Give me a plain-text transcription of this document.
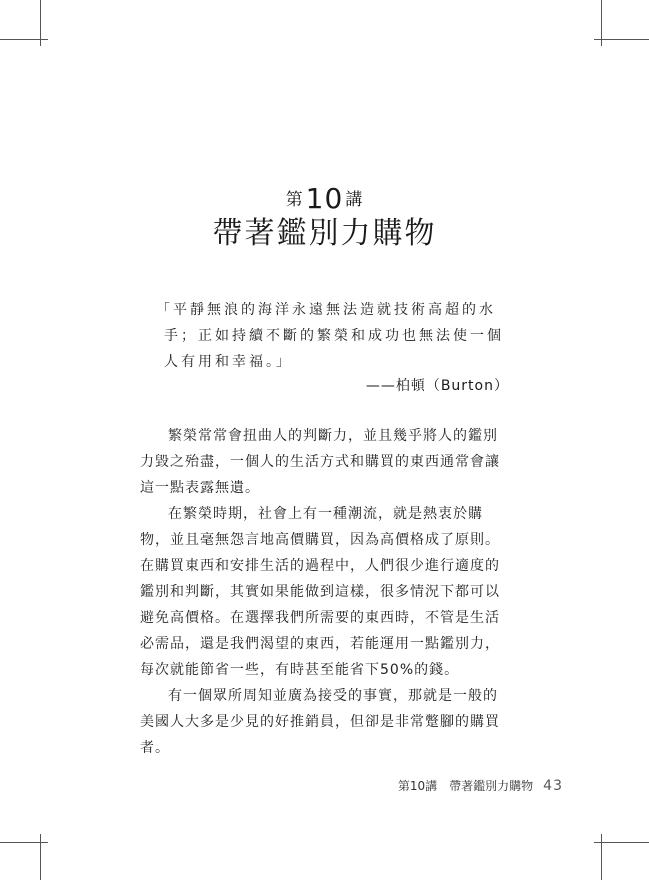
第10 講
帶著鑑別力購物

「平靜無浪的海洋永遠無法造就技術高超的水手；正如持續不斷的繁榮和成功也無法使一個人有用和幸福。」

——柏頓（Burton）

繁榮常常會扭曲人的判斷力，並且幾乎將人的鑑別力毀之殆盡，一個人的生活方式和購買的東西通常會讓這一點表露無遺。

在繁榮時期，社會上有一種潮流，就是熱衷於購物，並且毫無怨言地高價購買，因為高價格成了原則。在購買東西和安排生活的過程中，人們很少進行適度的鑑別和判斷，其實如果能做到這樣，很多情況下都可以避免高價格。在選擇我們所需要的東西時，不管是生活必需品，還是我們渴望的東西，若能運用一點鑑別力，每次就能節省一些，有時甚至能省下50%的錢。

有一個眾所周知並廣為接受的事實，那就是一般的美國人大多是少見的好推銷員，但卻是非常蹩腳的購買者。

第10講　帶著鑑別力購物 43
